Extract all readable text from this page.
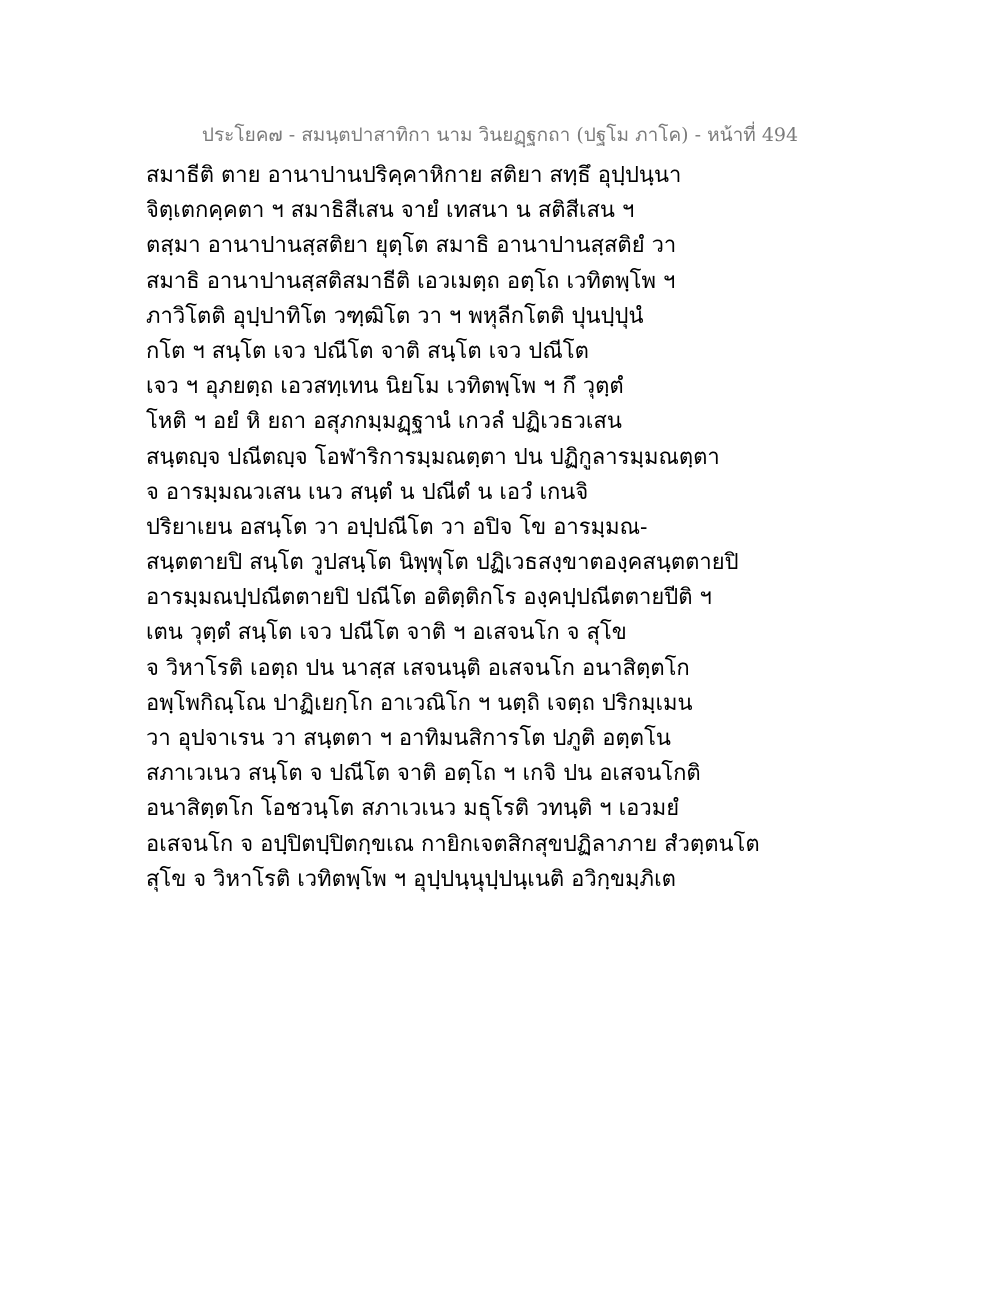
ประโยค๗ - สมนฺตปาสาทิกา นาม วินยฏฺฐกถา (ปฐโม ภาโค) - หน้าที่ 494
สมาธีติ ตาย อานาปานปริคฺคาหิกาย สติยา สทฺธึ อุปฺปนฺนา
จิตฺเตกคฺคตา ฯ สมาธิสีเสน จายํ เทสนา น สติสีเสน ฯ
ตสฺมา อานาปานสฺสติยา ยุตฺโต สมาธิ อานาปานสฺสติยํ วา
สมาธิ อานาปานสฺสติสมาธีติ เอวเมตฺถ อตฺโถ เวทิตพฺโพ ฯ
ภาวิโตติ อุปฺปาทิโต วฑฺฒิโต วา ฯ พหุลีกโตติ ปุนปฺปุนํ
กโต ฯ สนฺโต เจว ปณีโต จาติ สนฺโต เจว ปณีโต
เจว ฯ อุภยตฺถ เอวสทฺเทน นิยโม เวทิตพฺโพ ฯ กึ วุตฺตํ
โหติ ฯ อยํ หิ ยถา อสุภกมฺมฏฺฐานํ เกวลํ ปฏิเวธวเสน
สนฺตญฺจ ปณีตญฺจ โอฬาริการมฺมณตฺตา ปน ปฏิกูลารมฺมณตฺตา
จ อารมฺมณวเสน เนว สนฺตํ น ปณีตํ น เอวํ เกนจิ
ปริยาเยน อสนฺโต วา อปฺปณีโต วา อปิจ โข อารมฺมณ-
สนฺตตายปิ สนฺโต วูปสนฺโต นิพฺพุโต ปฏิเวธสงฺขาตองฺคสนฺตตายปิ
อารมฺมณปฺปณีตตายปิ ปณีโต อติตฺติกโร องฺคปฺปณีตตายปีติ ฯ
เตน วุตฺตํ สนฺโต เจว ปณีโต จาติ ฯ อเสจนโก จ สุโข
จ วิหาโรติ เอตฺถ ปน นาสฺส เสจนนฺติ อเสจนโก อนาสิตฺตโก
อพฺโพกิณฺโณ ปาฏิเยกฺโก อาเวณิโก ฯ นตฺถิ เจตฺถ ปริกมฺเมน
วา อุปจาเรน วา สนฺตตา ฯ อาทิมนสิการโต ปภูติ อตฺตโน
สภาเวเนว สนฺโต จ ปณีโต จาติ อตฺโถ ฯ เกจิ ปน อเสจนโกติ
อนาสิตฺตโก โอชวนฺโต สภาเวเนว มธุโรติ วทนฺติ ฯ เอวมยํ
อเสจนโก จ อปฺปิตปฺปิตกฺขเณ กายิกเจตสิกสุขปฏิลาภาย สํวตฺตนโต
สุโข จ วิหาโรติ เวทิตพฺโพ ฯ อุปฺปนฺนุปฺปนฺเนติ อวิกฺขมฺภิเต
